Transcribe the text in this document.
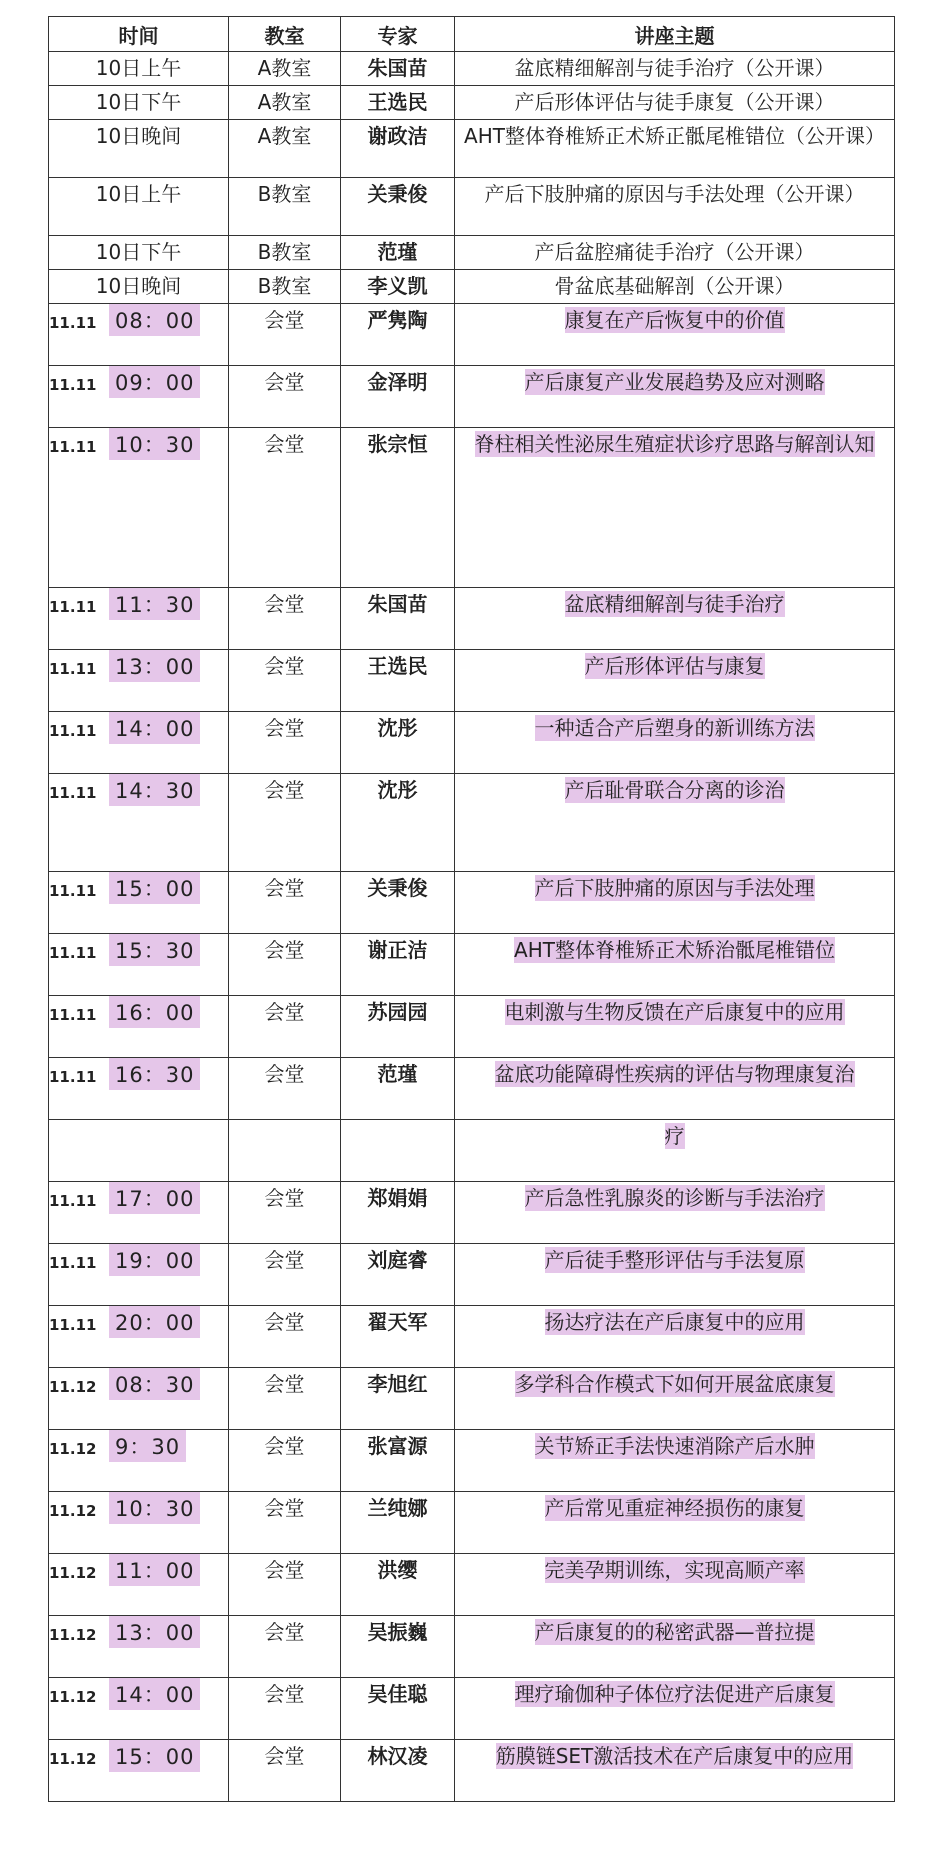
时间	教室	专家	讲座主题
10日上午	A教室	朱国苗	盆底精细解剖与徒手治疗（公开课）
10日下午	A教室	王选民	产后形体评估与徒手康复（公开课）
10日晚间	A教室	谢政洁	AHT整体脊椎矫正术矫正骶尾椎错位（公开课）
10日上午	B教室	关秉俊	产后下肢肿痛的原因与手法处理（公开课）
10日下午	B教室	范瑾	产后盆腔痛徒手治疗（公开课）
10日晚间	B教室	李义凯	骨盆底基础解剖（公开课）
11.11 08：00	会堂	严隽陶	康复在产后恢复中的价值
11.11 09：00	会堂	金泽明	产后康复产业发展趋势及应对测略
11.11 10：30	会堂	张宗恒	脊柱相关性泌尿生殖症状诊疗思路与解剖认知
11.11 11：30	会堂	朱国苗	盆底精细解剖与徒手治疗
11.11 13：00	会堂	王选民	产后形体评估与康复
11.11 14：00	会堂	沈彤	一种适合产后塑身的新训练方法
11.11 14：30	会堂	沈彤	产后耻骨联合分离的诊治
11.11 15：00	会堂	关秉俊	产后下肢肿痛的原因与手法处理
11.11 15：30	会堂	谢正洁	AHT整体脊椎矫正术矫治骶尾椎错位
11.11 16：00	会堂	苏园园	电刺激与生物反馈在产后康复中的应用
11.11 16：30	会堂	范瑾	盆底功能障碍性疾病的评估与物理康复治
			疗
11.11 17：00	会堂	郑娟娟	产后急性乳腺炎的诊断与手法治疗
11.11 19：00	会堂	刘庭睿	产后徒手整形评估与手法复原
11.11 20：00	会堂	翟天军	扬达疗法在产后康复中的应用
11.12 08：30	会堂	李旭红	多学科合作模式下如何开展盆底康复
11.12 9：30	会堂	张富源	关节矫正手法快速消除产后水肿
11.12 10：30	会堂	兰纯娜	产后常见重症神经损伤的康复
11.12 11：00	会堂	洪缨	完美孕期训练，实现高顺产率
11.12 13：00	会堂	吴振巍	产后康复的的秘密武器—普拉提
11.12 14：00	会堂	吴佳聪	理疗瑜伽种子体位疗法促进产后康复
11.12 15：00	会堂	林汉凌	筋膜链SET激活技术在产后康复中的应用
